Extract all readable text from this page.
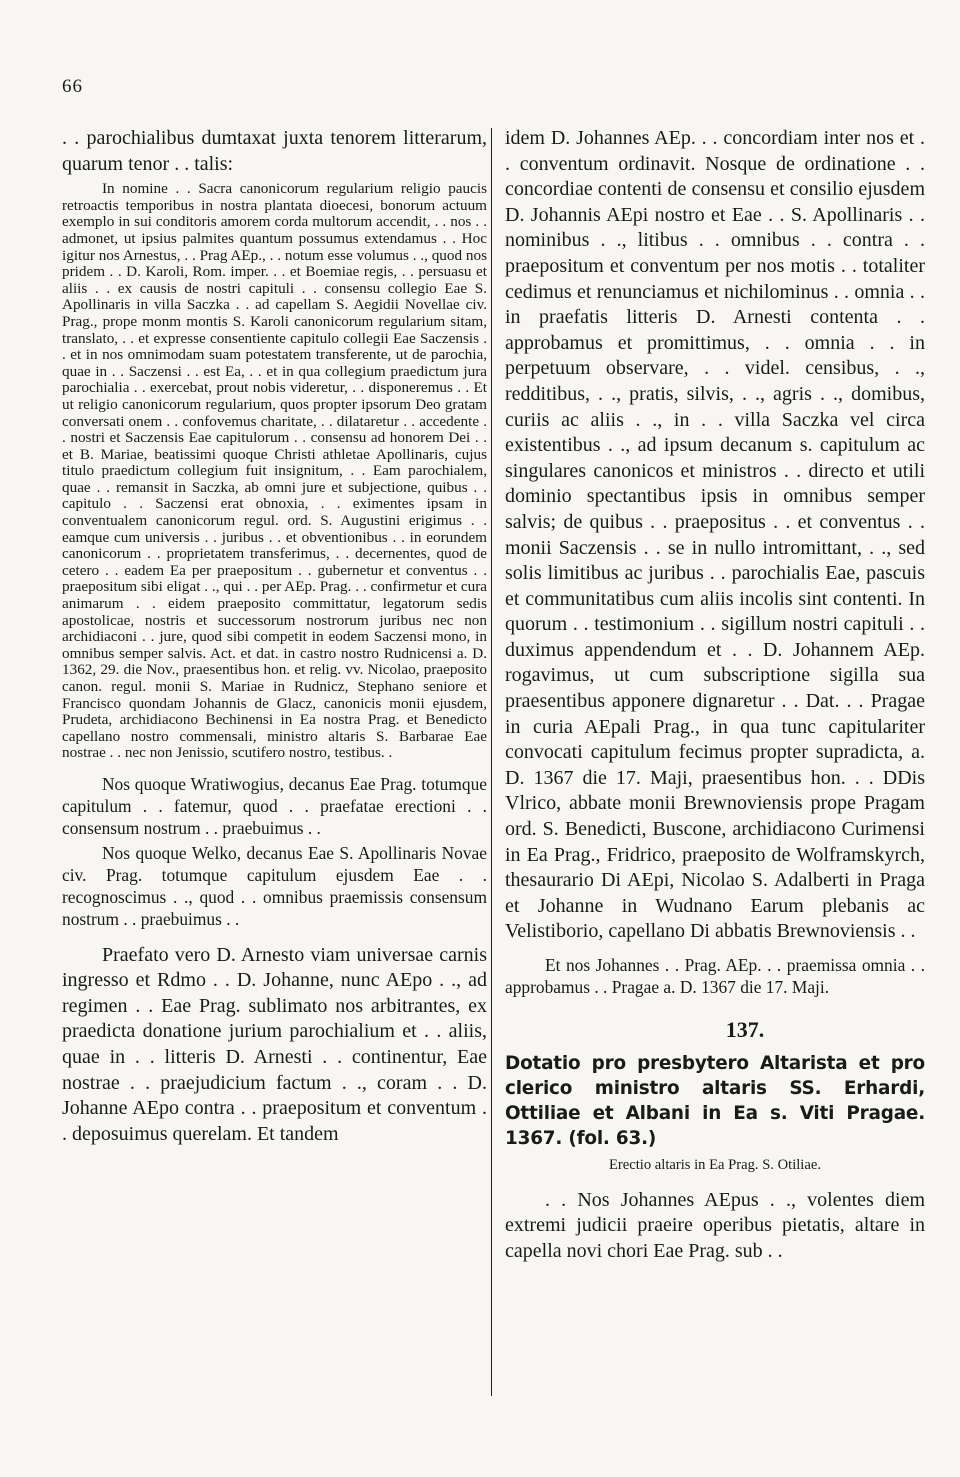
66

. . parochialibus dumtaxat juxta tenorem litterarum, quarum tenor . . talis:

In nomine . . Sacra canonicorum regularium religio paucis retroactis temporibus in nostra plantata dioecesi, bonorum actuum exemplo in sui conditoris amorem corda multorum accendit, . . nos . . admonet, ut ipsius palmites quantum possumus extendamus . . Hoc igitur nos Arnestus, . . Prag AEp., . . notum esse volumus . ., quod nos pridem . . D. Karoli, Rom. imper. . . et Boemiae regis, . . persuasu et aliis . . ex causis de nostri capituli . . consensu collegio Eae S. Apollinaris in villa Saczka . . ad capellam S. Aegidii Novellae civ. Prag., prope monm montis S. Karoli canonicorum regularium sitam, translato, . . et expresse consentiente capitulo collegii Eae Saczensis . . et in nos omnimodam suam potestatem transferente, ut de parochia, quae in . . Saczensi . . est Ea, . . et in qua collegium praedictum jura parochialia . . exercebat, prout nobis videretur, . . disponeremus . . Et ut religio canonicorum regularium, quos propter ipsorum Deo gratam conversati onem . . confovemus charitate, . . dilataretur . . accedente . . nostri et Saczensis Eae capitulorum . . consensu ad honorem Dei . . et B. Mariae, beatissimi quoque Christi athletae Apollinaris, cujus titulo praedictum collegium fuit insignitum, . . Eam parochialem, quae . . remansit in Saczka, ab omni jure et subjectione, quibus . . capitulo . . Saczensi erat obnoxia, . . eximentes ipsam in conventualem canonicorum regul. ord. S. Augustini erigimus . . eamque cum universis . . juribus . . et obventionibus . . in eorundem canonicorum . . proprietatem transferimus, . . decernentes, quod de cetero . . eadem Ea per praepositum . . gubernetur et conventus . . praepositum sibi eligat . ., qui . . per AEp. Prag. . . confirmetur et cura animarum . . eidem praeposito committatur, legatorum sedis apostolicae, nostris et successorum nostrorum juribus nec non archidiaconi . . jure, quod sibi competit in eodem Saczensi mono, in omnibus semper salvis. Act. et dat. in castro nostro Rudnicensi a. D. 1362, 29. die Nov., praesentibus hon. et relig. vv. Nicolao, praeposito canon. regul. monii S. Mariae in Rudnicz, Stephano seniore et Francisco quondam Johannis de Glacz, canonicis monii ejusdem, Prudeta, archidiacono Bechinensi in Ea nostra Prag. et Benedicto capellano nostro commensali, ministro altaris S. Barbarae Eae nostrae . . nec non Jenissio, scutifero nostro, testibus. .

Nos quoque Wratiwogius, decanus Eae Prag. totumque capitulum . . fatemur, quod . . praefatae erectioni . . consensum nostrum . . praebuimus . .

Nos quoque Welko, decanus Eae S. Apollinaris Novae civ. Prag. totumque capitulum ejusdem Eae . . recognoscimus . ., quod . . omnibus praemissis consensum nostrum . . praebuimus . .

Praefato vero D. Arnesto viam universae carnis ingresso et Rdmo . . D. Johanne, nunc AEpo . ., ad regimen . . Eae Prag. sublimato nos arbitrantes, ex praedicta donatione jurium parochialium et . . aliis, quae in . . litteris D. Arnesti . . continentur, Eae nostrae . . praejudicium factum . ., coram . . D. Johanne AEpo contra . . praepositum et conventum . . deposuimus querelam. Et tandem

idem D. Johannes AEp. . . concordiam inter nos et . . conventum ordinavit. Nosque de ordinatione . . concordiae contenti de consensu et consilio ejusdem D. Johannis AEpi nostro et Eae . . S. Apollinaris . . nominibus . ., litibus . . omnibus . . contra . . praepositum et conventum per nos motis . . totaliter cedimus et renunciamus et nichilominus . . omnia . . in praefatis litteris D. Arnesti contenta . . approbamus et promittimus, . . omnia . . in perpetuum observare, . . videl. censibus, . ., redditibus, . ., pratis, silvis, . ., agris . ., domibus, curiis ac aliis . ., in . . villa Saczka vel circa existentibus . ., ad ipsum decanum s. capitulum ac singulares canonicos et ministros . . directo et utili dominio spectantibus ipsis in omnibus semper salvis; de quibus . . praepositus . . et conventus . . monii Saczensis . . se in nullo intromittant, . ., sed solis limitibus ac juribus . . parochialis Eae, pascuis et communitatibus cum aliis incolis sint contenti. In quorum . . testimonium . . sigillum nostri capituli . . duximus appendendum et . . D. Johannem AEp. rogavimus, ut cum subscriptione sigilla sua praesentibus apponere dignaretur . . Dat. . . Pragae in curia AEpali Prag., in qua tunc capitulariter convocati capitulum fecimus propter supradicta, a. D. 1367 die 17. Maji, praesentibus hon. . . DDis Vlrico, abbate monii Brewnoviensis prope Pragam ord. S. Benedicti, Buscone, archidiacono Curimensi in Ea Prag., Fridrico, praeposito de Wolframskyrch, thesaurario Di AEpi, Nicolao S. Adalberti in Praga et Johanne in Wudnano Earum plebanis ac Velistiborio, capellano Di abbatis Brewnoviensis . .

Et nos Johannes . . Prag. AEp. . . praemissa omnia . . approbamus . . Pragae a. D. 1367 die 17. Maji.

137.

Dotatio pro presbytero Altarista et pro clerico ministro altaris SS. Erhardi, Ottiliae et Albani in Ea s. Viti Pragae. 1367. (fol. 63.)

Erectio altaris in Ea Prag. S. Otiliae.

. . Nos Johannes AEpus . ., volentes diem extremi judicii praeire operibus pietatis, altare in capella novi chori Eae Prag. sub . .
